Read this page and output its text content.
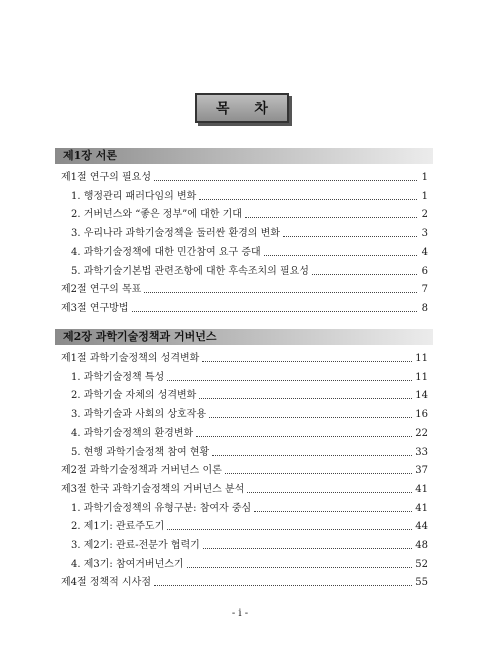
목 차
제1장 서론
제1절 연구의 필요성	1
1. 행정관리 패러다임의 변화	1
2. 거버넌스와 “좋은 정부”에 대한 기대	2
3. 우리나라 과학기술정책을 둘러싼 환경의 변화	3
4. 과학기술정책에 대한 민간참여 요구 증대	4
5. 과학기술기본법 관련조항에 대한 후속조치의 필요성	6
제2절 연구의 목표	7
제3절 연구방법	8
제2장 과학기술정책과 거버넌스
제1절 과학기술정책의 성격변화	11
1. 과학기술정책 특성	11
2. 과학기술 자체의 성격변화	14
3. 과학기술과 사회의 상호작용	16
4. 과학기술정책의 환경변화	22
5. 현행 과학기술정책 참여 현황	33
제2절 과학기술정책과 거버넌스 이론	37
제3절 한국 과학기술정책의 거버넌스 분석	41
1. 과학기술정책의 유형구분: 참여자 중심	41
2. 제1기: 관료주도기	44
3. 제2기: 관료-전문가 협력기	48
4. 제3기: 참여거버넌스기	52
제4절 정책적 시사점	55
- i -
